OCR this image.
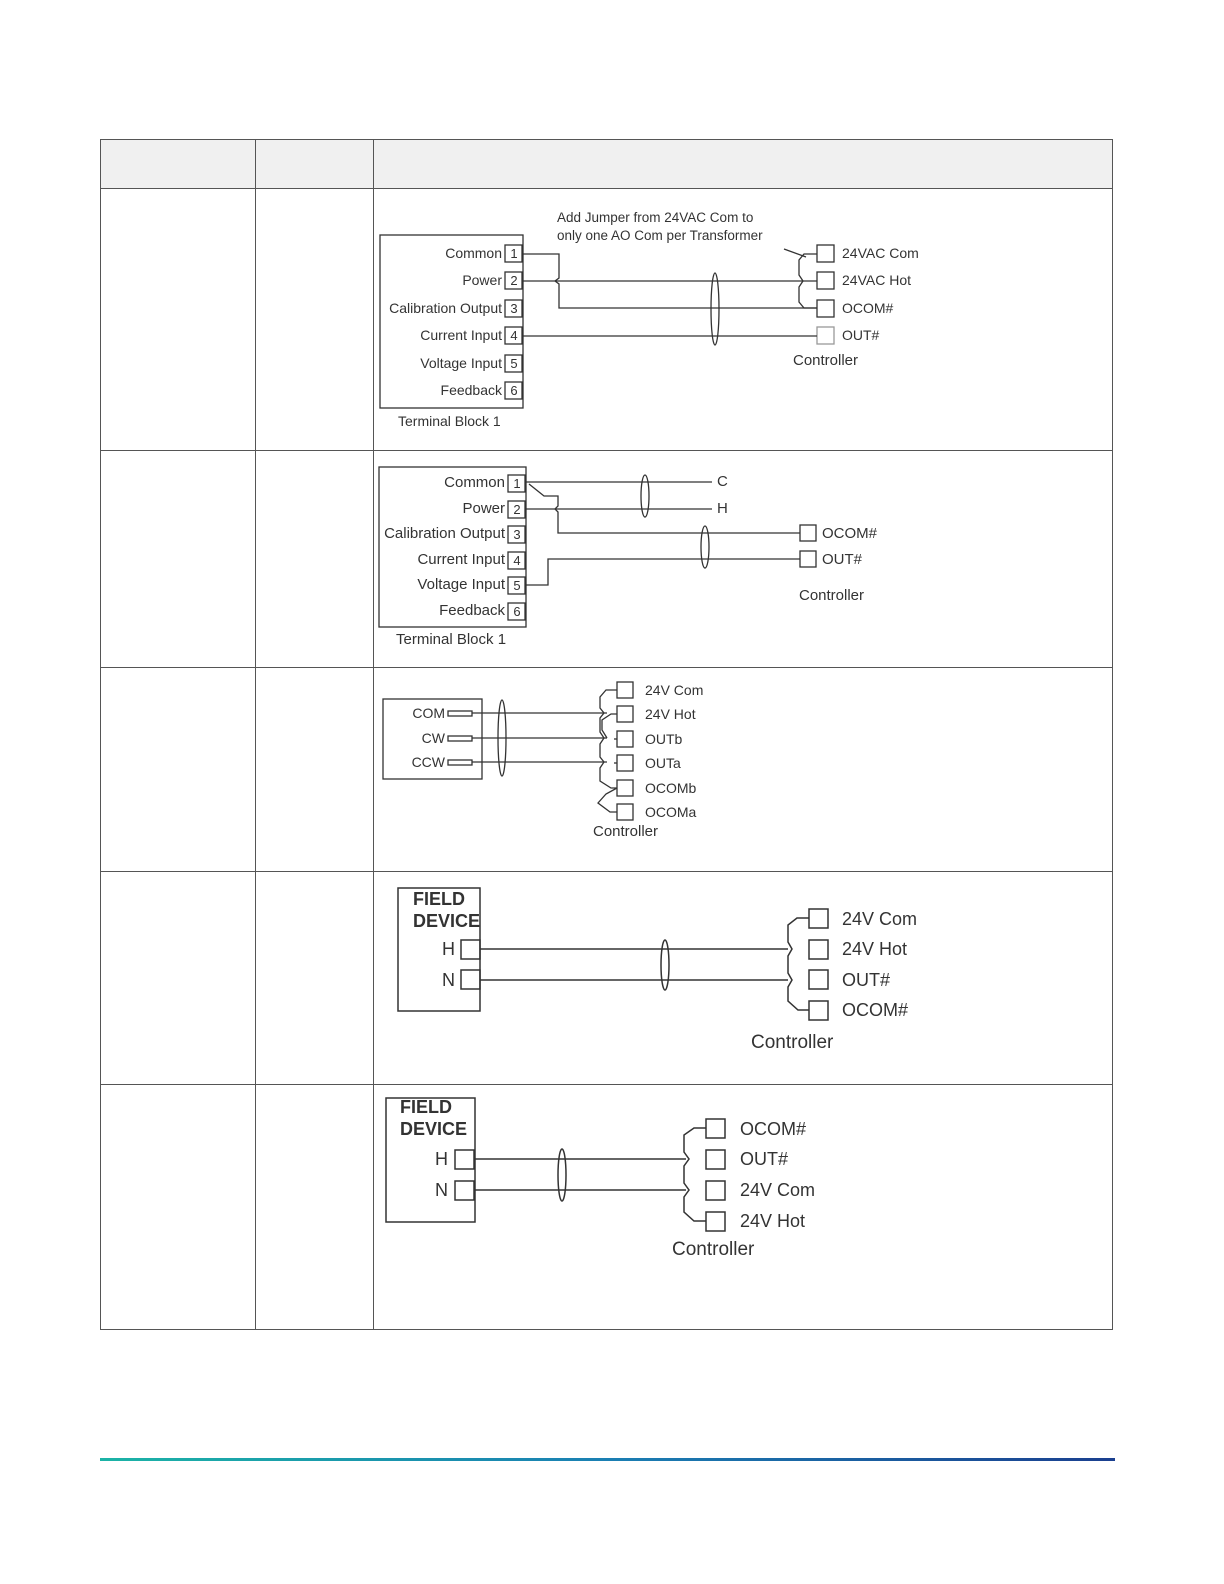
Add Jumper from 24VAC Com to
only one AO Com per Transformer
Common
Power
Calibration Output
Current Input
Voltage Input
Feedback
1
2
3
4
5
6
Terminal Block 1
24VAC Com
24VAC Hot
OCOM#
OUT#
Controller
Common
Power
Calibration Output
Current Input
Voltage Input
Feedback
1
2
3
4
5
6
Terminal Block 1
C
H
OCOM#
OUT#
Controller
COM
CW
CCW
24V Com
24V Hot
OUTb
OUTa
OCOMb
OCOMa
Controller
FIELD
DEVICE
H
N
24V Com
24V Hot
OUT#
OCOM#
Controller
FIELD
DEVICE
H
N
OCOM#
OUT#
24V Com
24V Hot
Controller
